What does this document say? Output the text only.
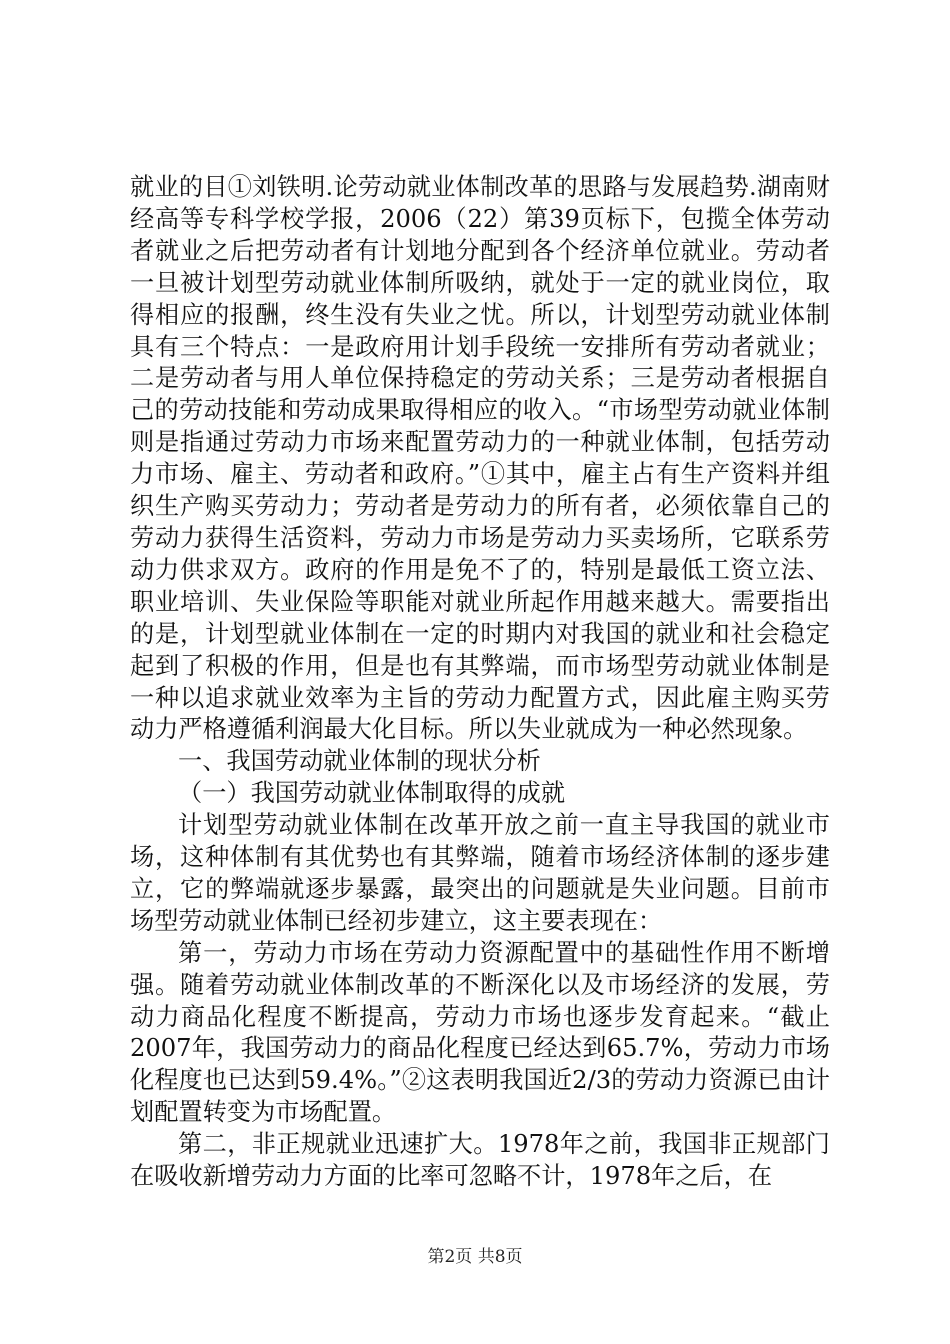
就业的目①刘铁明.论劳动就业体制改革的思路与发展趋势.湖南财经高等专科学校学报，2006（22）第39页标下，包揽全体劳动者就业之后把劳动者有计划地分配到各个经济单位就业。劳动者一旦被计划型劳动就业体制所吸纳，就处于一定的就业岗位，取得相应的报酬，终生没有失业之忧。所以，计划型劳动就业体制具有三个特点：一是政府用计划手段统一安排所有劳动者就业；二是劳动者与用人单位保持稳定的劳动关系；三是劳动者根据自己的劳动技能和劳动成果取得相应的收入。“市场型劳动就业体制则是指通过劳动力市场来配置劳动力的一种就业体制，包括劳动力市场、雇主、劳动者和政府。”①其中，雇主占有生产资料并组织生产购买劳动力；劳动者是劳动力的所有者，必须依靠自己的劳动力获得生活资料，劳动力市场是劳动力买卖场所，它联系劳动力供求双方。政府的作用是免不了的，特别是最低工资立法、职业培训、失业保险等职能对就业所起作用越来越大。需要指出的是，计划型就业体制在一定的时期内对我国的就业和社会稳定起到了积极的作用，但是也有其弊端，而市场型劳动就业体制是一种以追求就业效率为主旨的劳动力配置方式，因此雇主购买劳动力严格遵循利润最大化目标。所以失业就成为一种必然现象。

一、我国劳动就业体制的现状分析

（一）我国劳动就业体制取得的成就

计划型劳动就业体制在改革开放之前一直主导我国的就业市场，这种体制有其优势也有其弊端，随着市场经济体制的逐步建立，它的弊端就逐步暴露，最突出的问题就是失业问题。目前市场型劳动就业体制已经初步建立，这主要表现在：

第一，劳动力市场在劳动力资源配置中的基础性作用不断增强。随着劳动就业体制改革的不断深化以及市场经济的发展，劳动力商品化程度不断提高，劳动力市场也逐步发育起来。“截止2007年，我国劳动力的商品化程度已经达到65.7%，劳动力市场化程度也已达到59.4%。”②这表明我国近2/3的劳动力资源已由计划配置转变为市场配置。

第二，非正规就业迅速扩大。1978年之前，我国非正规部门在吸收新增劳动力方面的比率可忽略不计，1978年之后，在

第2页 共8页
